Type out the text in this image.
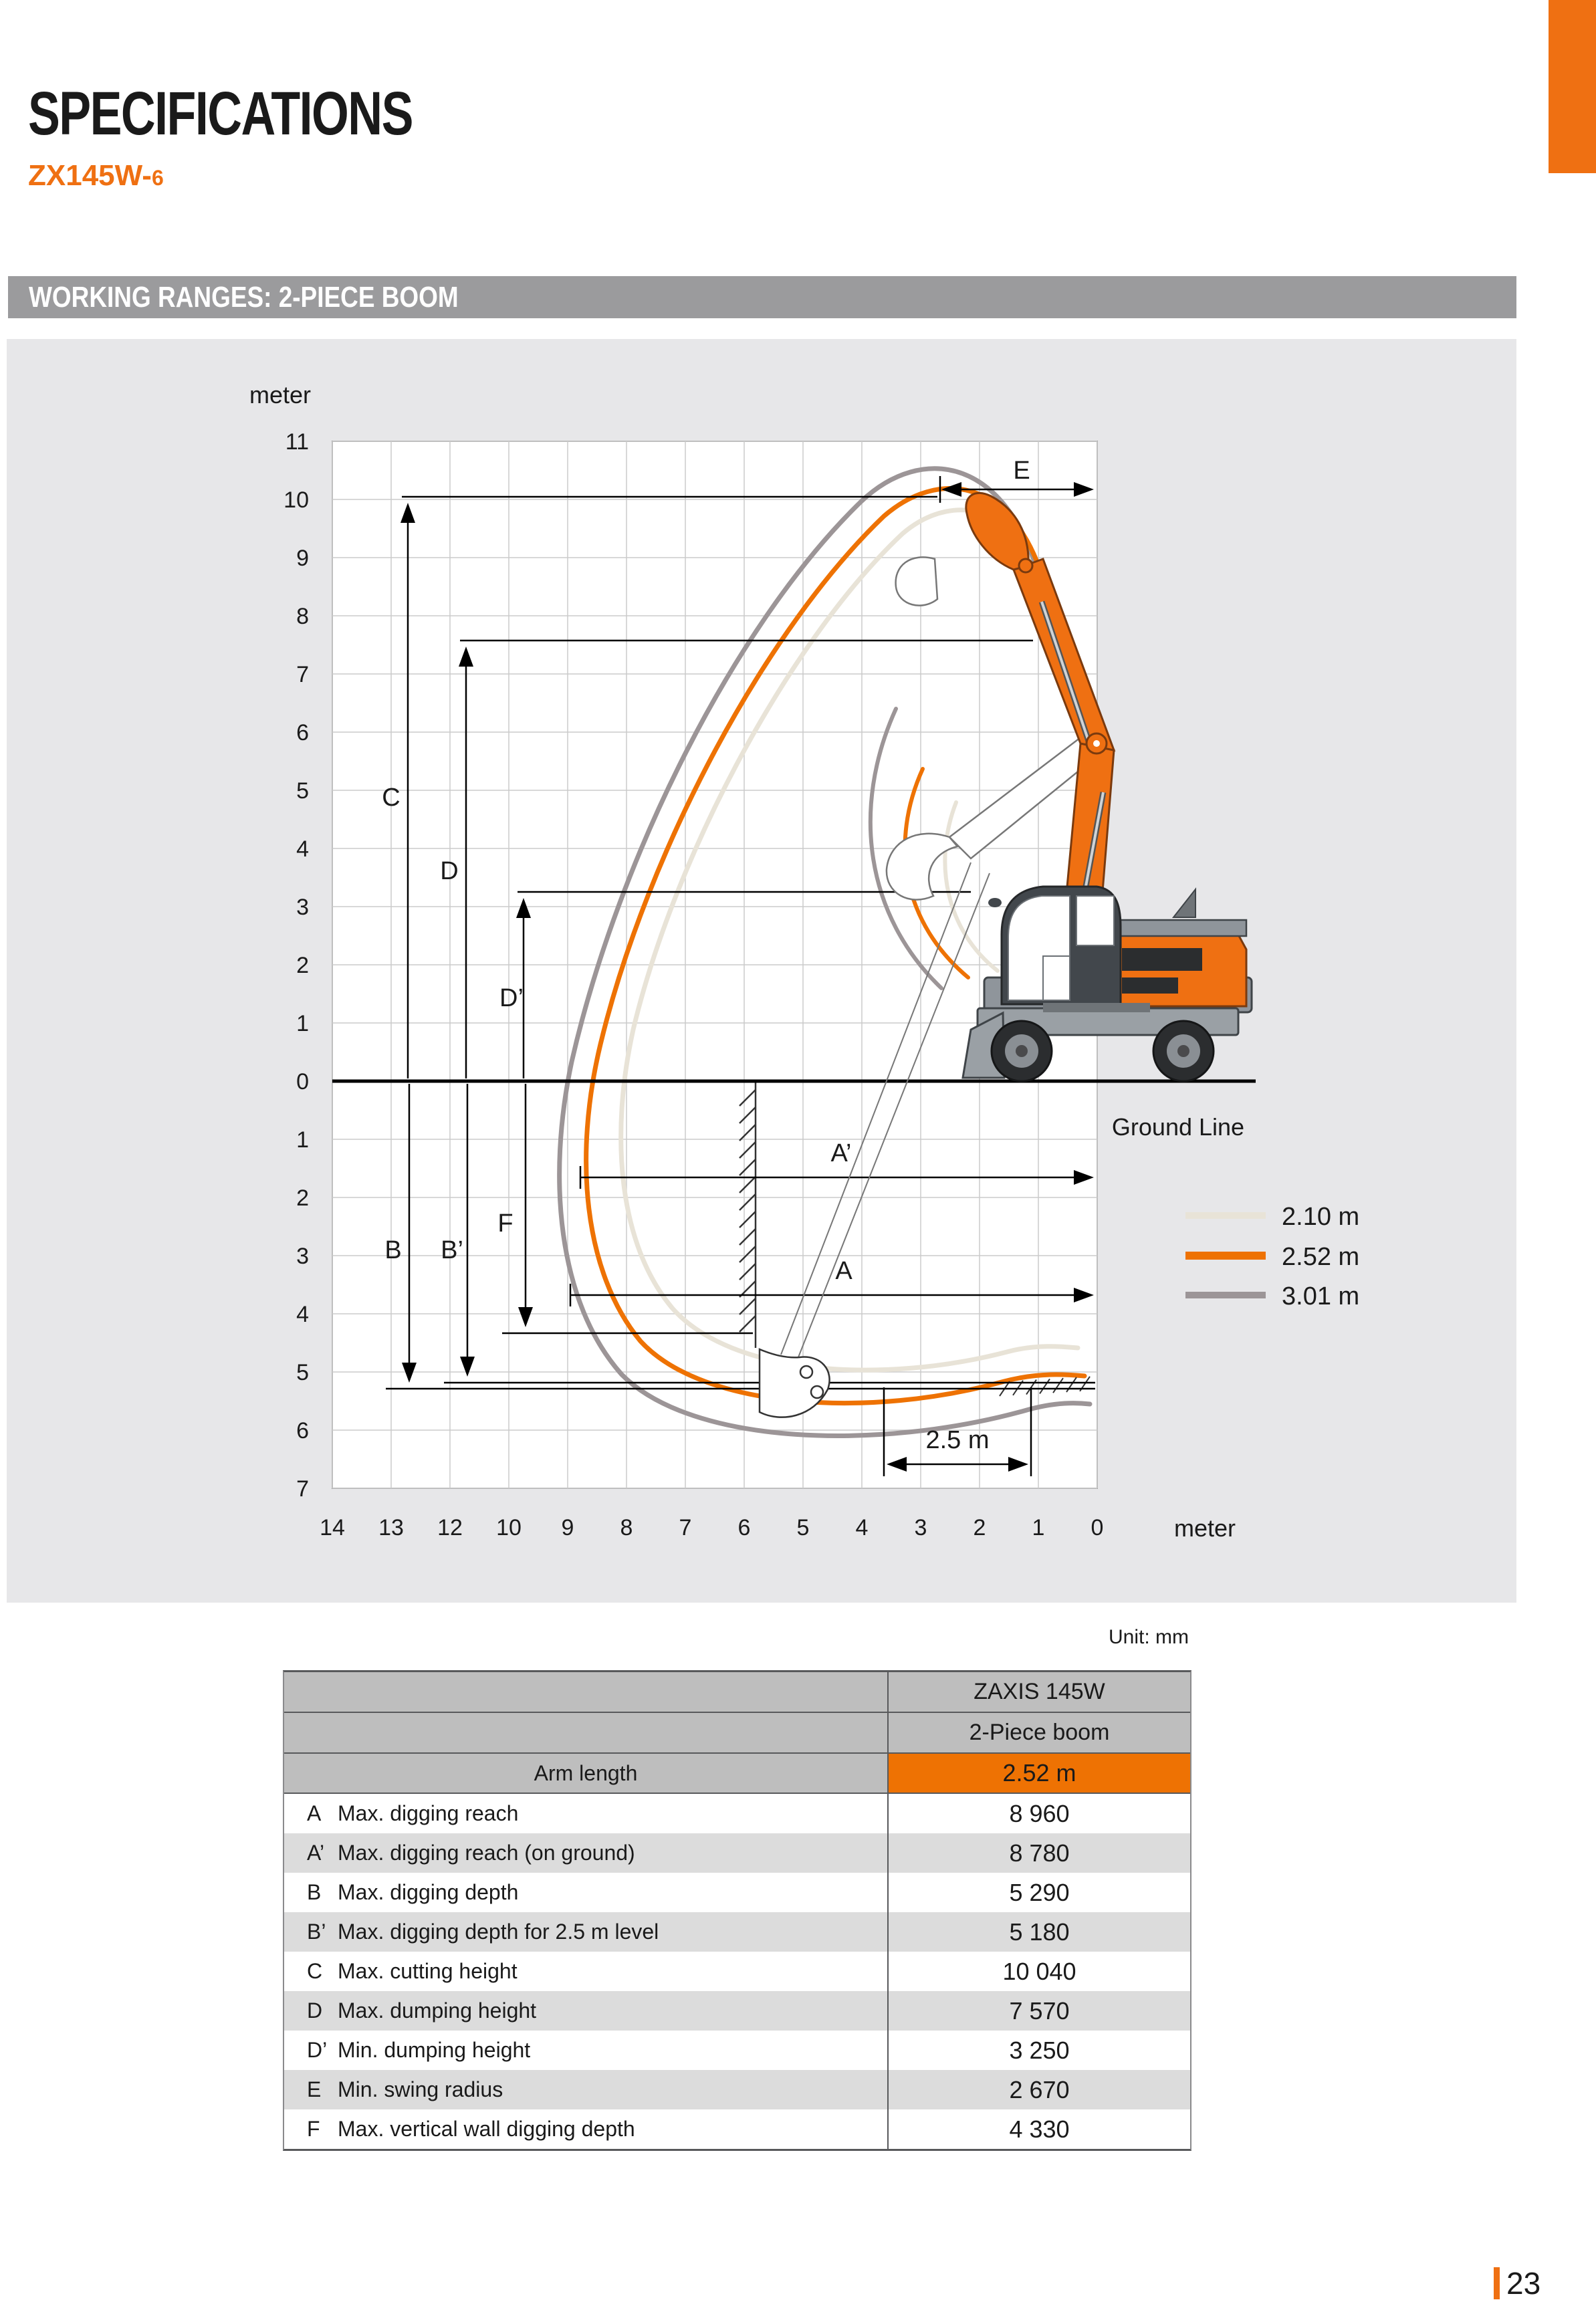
SPECIFICATIONS
ZX145W-6
WORKING RANGES: 2-PIECE BOOM
meter
meter
11
10
9
8
7
6
5
4
3
2
1
0
1
2
3
4
5
6
7
14 13 12 10 9 8 7 6 5 4 3 2 1 0
Ground Line
C
D
D’
B B’
F
A’
A
E
2.5 m
2.10 m
2.52 m
3.01 m
Unit: mm
ZAXIS 145W
2-Piece boom
Arm length	2.52 m
A Max. digging reach	8 960
A’ Max. digging reach (on ground)	8 780
B Max. digging depth	5 290
B’ Max. digging depth for 2.5 m level	5 180
C Max. cutting height	10 040
D Max. dumping height	7 570
D’ Min. dumping height	3 250
E Min. swing radius	2 670
F Max. vertical wall digging depth	4 330
23
